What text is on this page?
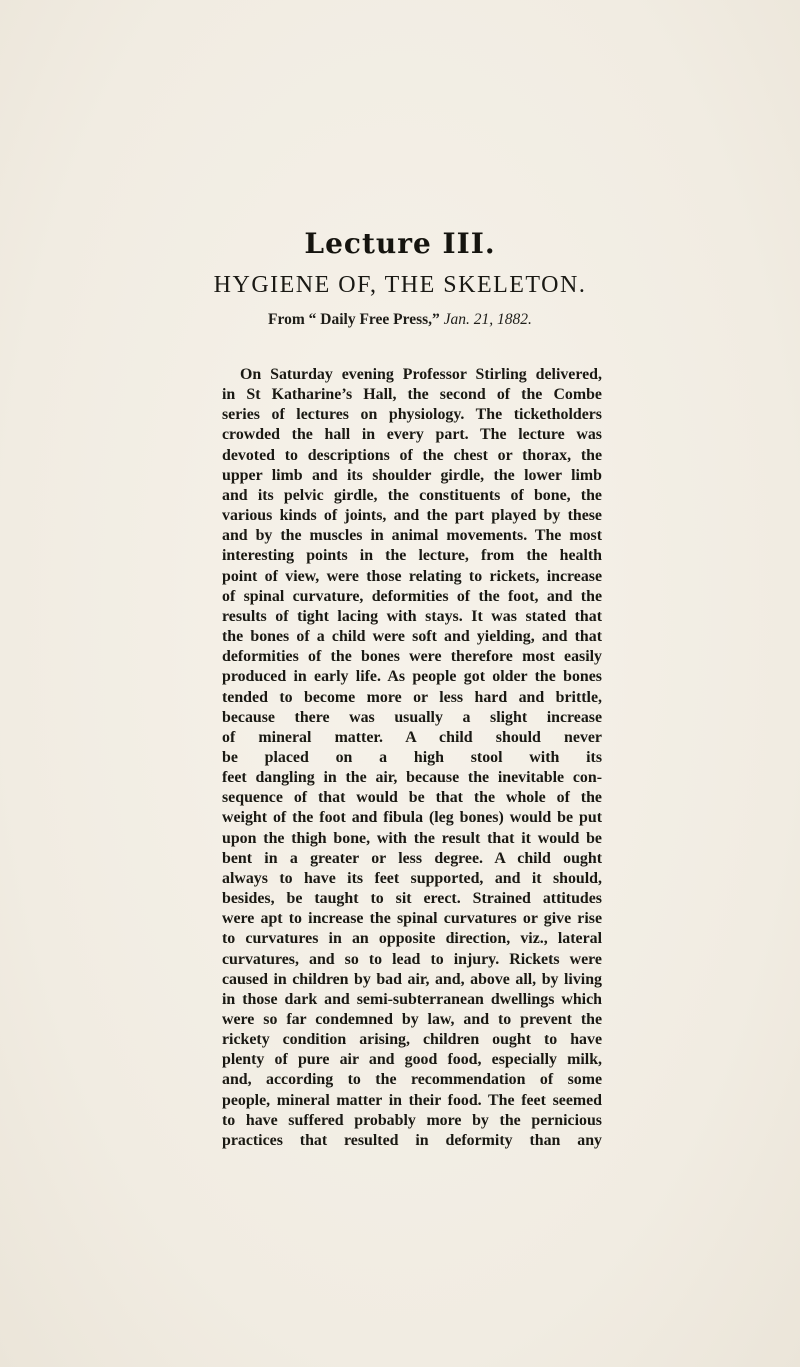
Lecture III.
HYGIENE OF, THE SKELETON.
From “ Daily Free Press,” Jan. 21, 1882.
On Saturday evening Professor Stirling delivered,
in St Katharine’s Hall, the second of the Combe
series of lectures on physiology. The ticketholders
crowded the hall in every part. The lecture was
devoted to descriptions of the chest or thorax, the
upper limb and its shoulder girdle, the lower limb
and its pelvic girdle, the constituents of bone, the
various kinds of joints, and the part played by these
and by the muscles in animal movements. The most
interesting points in the lecture, from the health
point of view, were those relating to rickets, increase
of spinal curvature, deformities of the foot, and the
results of tight lacing with stays. It was stated that
the bones of a child were soft and yielding, and that
deformities of the bones were therefore most easily
produced in early life. As people got older the bones
tended to become more or less hard and brittle,
because there was usually a slight increase
of mineral matter. A child should never
be placed on a high stool with its
feet dangling in the air, because the inevitable con-
sequence of that would be that the whole of the
weight of the foot and fibula (leg bones) would be put
upon the thigh bone, with the result that it would be
bent in a greater or less degree. A child ought
always to have its feet supported, and it should,
besides, be taught to sit erect. Strained attitudes
were apt to increase the spinal curvatures or give rise
to curvatures in an opposite direction, viz., lateral
curvatures, and so to lead to injury. Rickets were
caused in children by bad air, and, above all, by living
in those dark and semi-subterranean dwellings which
were so far condemned by law, and to prevent the
rickety condition arising, children ought to have
plenty of pure air and good food, especially milk,
and, according to the recommendation of some
people, mineral matter in their food. The feet seemed
to have suffered probably more by the pernicious
practices that resulted in deformity than any
